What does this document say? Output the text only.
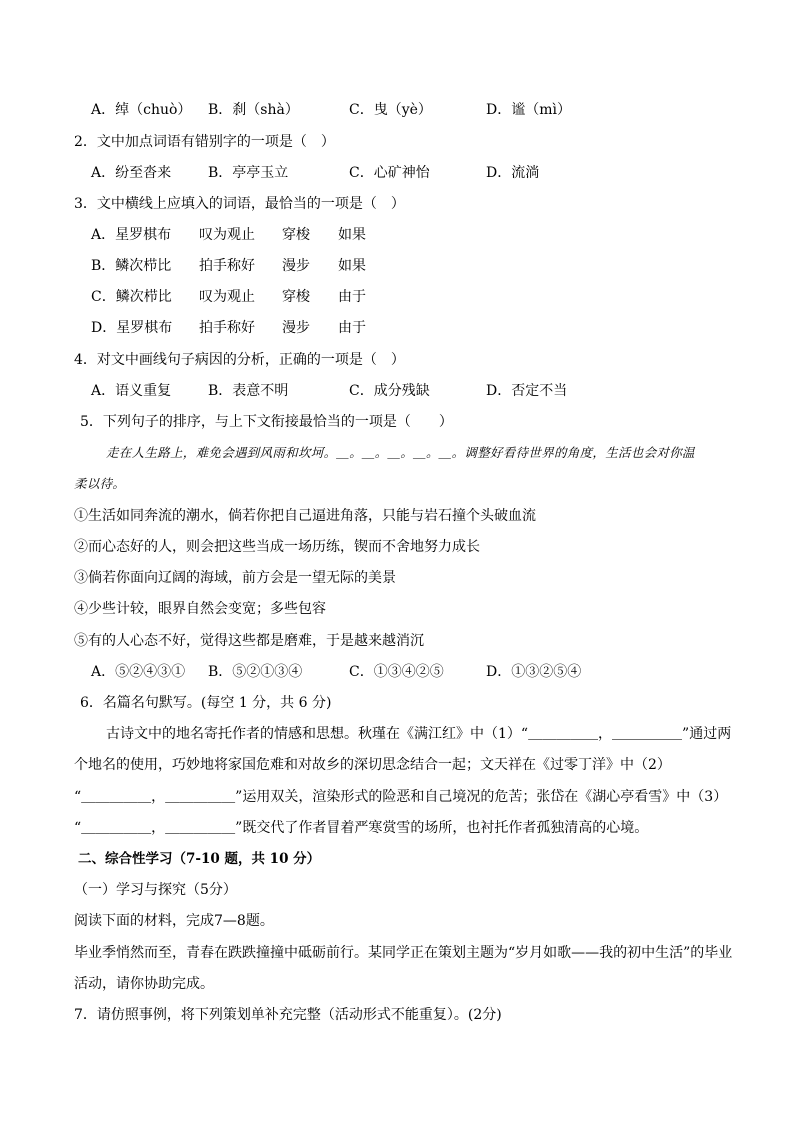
A．绰（chuò） B．刹（shà）	C．曳（yè）	D．谧（mì）
2．文中加点词语有错别字的一项是（　）
A．纷至沓来	B．亭亭玉立	C．心矿神怡	D．流淌
3．文中横线上应填入的词语，最恰当的一项是（　）
A．星罗棋布 叹为观止 穿梭 如果
B．鳞次栉比 拍手称好 漫步 如果
C．鳞次栉比 叹为观止 穿梭 由于
D．星罗棋布 拍手称好 漫步 由于
4．对文中画线句子病因的分析，正确的一项是（　）
A．语义重复	B．表意不明	C．成分残缺	D．否定不当
5．下列句子的排序，与上下文衔接最恰当的一项是（　　）
走在人生路上，难免会遇到风雨和坎坷。＿。＿。＿。＿。＿。调整好看待世界的角度，生活也会对你温
柔以待。
①生活如同奔流的潮水，倘若你把自己逼进角落，只能与岩石撞个头破血流
②而心态好的人，则会把这些当成一场历练，锲而不舍地努力成长
③倘若你面向辽阔的海域，前方会是一望无际的美景
④少些计较，眼界自然会变宽；多些包容
⑤有的人心态不好，觉得这些都是磨难，于是越来越消沉
A．⑤②④③① B．⑤②①③④	C．①③④②⑤	D．①③②⑤④
6．名篇名句默写。(每空 1 分，共 6 分)
古诗文中的地名寄托作者的情感和思想。秋瑾在《满江红》中（1）“＿＿＿＿＿，＿＿＿＿＿”通过两
个地名的使用，巧妙地将家国危难和对故乡的深切思念结合一起；文天祥在《过零丁洋》中（2）
“＿＿＿＿＿，＿＿＿＿＿”运用双关，渲染形式的险恶和自己境况的危苦；张岱在《湖心亭看雪》中（3）
“＿＿＿＿＿，＿＿＿＿＿”既交代了作者冒着严寒赏雪的场所，也衬托作者孤独清高的心境。
二、综合性学习（7-10 题，共 10 分）
（一）学习与探究（5分）
阅读下面的材料，完成7—8题。
毕业季悄然而至，青春在跌跌撞撞中砥砺前行。某同学正在策划主题为“岁月如歌——我的初中生活”的毕业
活动，请你协助完成。
7．请仿照事例，将下列策划单补充完整（活动形式不能重复）。(2分)
